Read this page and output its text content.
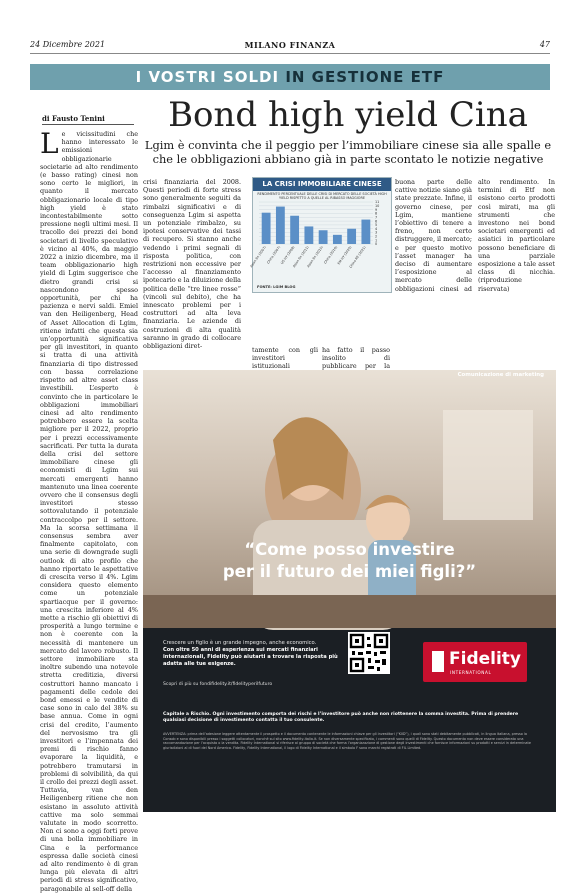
24 Dicembre 2021	MILANO FINANZA	47
I VOSTRI SOLDI IN GESTIONE ETF
di Fausto Tenini	Bond high yield Cina
Lgim è convinta che il peggio per l’immobiliare cinese sia alle spalle e che le obbligazioni abbiano già in parte scontato le notizie negative
L e vicissitudini che hanno interessato le emissioni obbligazionarie societarie ad alto rendimento (e basso rating) cinesi non sono certo le migliori, in quanto il mercato obbligazionario locale di tipo high yield è stato incontestabilmente sotto pressione negli ultimi mesi. Il tracollo dei prezzi dei bond societari di livello speculativo è vicino al 40%, da maggio 2022 a inizio dicembre, ma il team obbligazionario high yield di Lgim suggerisce che dietro grandi crisi si nascondono spesso opportunità, per chi ha pazienza e nervi saldi. Emiel van den Heiligenberg, Head of Asset Allocation di Lgim, ritiene infatti che questa sia un’opportunità significativa per gli investitori, in quanto si tratta di una attività finanziaria di tipo distressed con bassa correlazione rispetto ad altre asset class investibili. L’esperto è convinto che in particolare le obbligazioni immobiliari cinesi ad alto rendimento potrebbero essere la scelta migliore per il 2022, proprio per i prezzi eccessivamente sacrificati. Per tutta la durata della crisi del settore immobiliare cinese gli economisti di Lgim sui mercati emergenti hanno mantenuto una linea coerente ovvero che il consensus degli investitori stesso sottovalutando il potenziale contraccolpo per il settore. Ma la scorsa settimana il consensus sembra aver finalmente capitolato, con una serie di downgrade sugli outlook di alto profilo che hanno riportato le aspettative di crescita verso il 4%. Lgim considera questo elemento come un potenziale spartiacque per il governo: una crescita inferiore al 4% mette a rischio gli obiettivi di prosperità a lungo termine e non è coerente con la necessità di mantenere un mercato del lavoro robusto. Il settore immobiliare sta inoltre subendo una notevole stretta creditizia, diversi costruttori hanno mancato i pagamenti delle cedole dei bond emessi e le vendite di case sono in calo del 38% su base annua. Come in ogni crisi del credito, l’aumento del nervosismo tra gli investitori e l’impennata dei premi di rischio fanno evaporare la liquidità, e potrebbero tramutarsi in problemi di solvibilità, da qui il crollo dei prezzi degli asset. Tuttavia, van den Heiligenberg ritiene che non esistano in assoluto attività cattive ma solo semmai valutate in modo scorretto. Non ci sono a oggi forti prove di una bolla immobiliare in Cina e la performance espressa dalle società cinesi ad alto rendimento è di gran lunga più elevata di altri periodi di stress significativo, paragonabile al sell-off della
crisi finanziaria del 2008. Questi periodi di forte stress sono generalmente seguiti da rimbalzi significativi e di conseguenza Lgim si aspetta un potenziale rimbalzo, su ipotesi conservative dei tassi di recupero. Si stanno anche vedendo i primi segnali di risposta politica, con restrizioni non eccessive per l’accesso al finanziamento ipotecario e la diluizione della politica delle “tre linee rosse” (vincoli sul debito), che ha innescato problemi per i costruttori ad alta leva finanziaria. Le aziende di costruzioni di alta qualità saranno in grado di collocare obbligazioni diret-	tamente con gli investitori istituzionali
ha fatto il passo insolito di pubblicare per la
buona parte delle cattive notizie siano già state prezzate. Infine, il governo cinese, per Lgim, mantiene l’obiettivo di tenere a freno, non certo distruggere, il mercato; e per questo motivo l’asset manager ha deciso di aumentare l’esposizione al mercato delle obbligazioni cinesi ad alto rendimento. In termini di Etf non esistono certo prodotti così mirati, ma gli strumenti che investono nei bond societari emergenti ed asiatici in particolare possono beneficiare di una parziale esposizione a tale asset class di nicchia. (riproduzione riservata)
LA CRISI IMMOBILIARE CINESE
RENDIMENTO PERCENTUALE DELLE CRISI DI MERCATO DELLE SOCIETÀ HIGH YIELD RISPETTO A QUELLE AL RIBASSO MAGGIORE
0
1
2
3
4
5
6
7
8
9
10
11
Asian fin (2007) China (2007)
US HY (2008)
Asian fin (2011)
Asian fin (2015) China (2016)
EM HY (2020)
China RE (2021)
FONTE: LGIM BLOG
Comunicazione di marketing
“Come posso investire
per il futuro dei miei figli?”
Crescere un figlio è un grande impegno, anche economico.
Con oltre 50 anni di esperienza sui mercati finanziari internazionali, Fidelity può aiutarti a trovare la risposta più adatta alle tue esigenze.
Scopri di più su fondifidelity.it/fidelityperilfuturo
Fidelity
INTERNATIONAL
Capitale a Rischio. Ogni investimento comporta dei rischi e l’investitore può anche non riottenere la somma investita. Prima di prendere qualsiasi decisione di investimento contatta il tuo consulente.
AVVERTENZA: prima dell’adesione leggere attentamente il prospetto e il documento contenente le informazioni chiave per gli investitori (“KIID”), i quali sono stati debitamente pubblicati, in lingua italiana, presso la Consob e sono disponibili presso i soggetti collocatori, nonché sul sito www.fidelity-italia.it. Se non diversamente specificato, i commenti sono quelli di Fidelity. Questo documento non deve essere considerato una raccomandazione per l’acquisto o la vendita. Fidelity International si riferisce al gruppo di società che forma l’organizzazione di gestione degli investimenti che fornisce informazioni su prodotti e servizi in determinate giurisdizioni al di fuori del Nord America. Fidelity, Fidelity International, il logo di Fidelity International e il simbolo F sono marchi registrati di FIL Limited.
